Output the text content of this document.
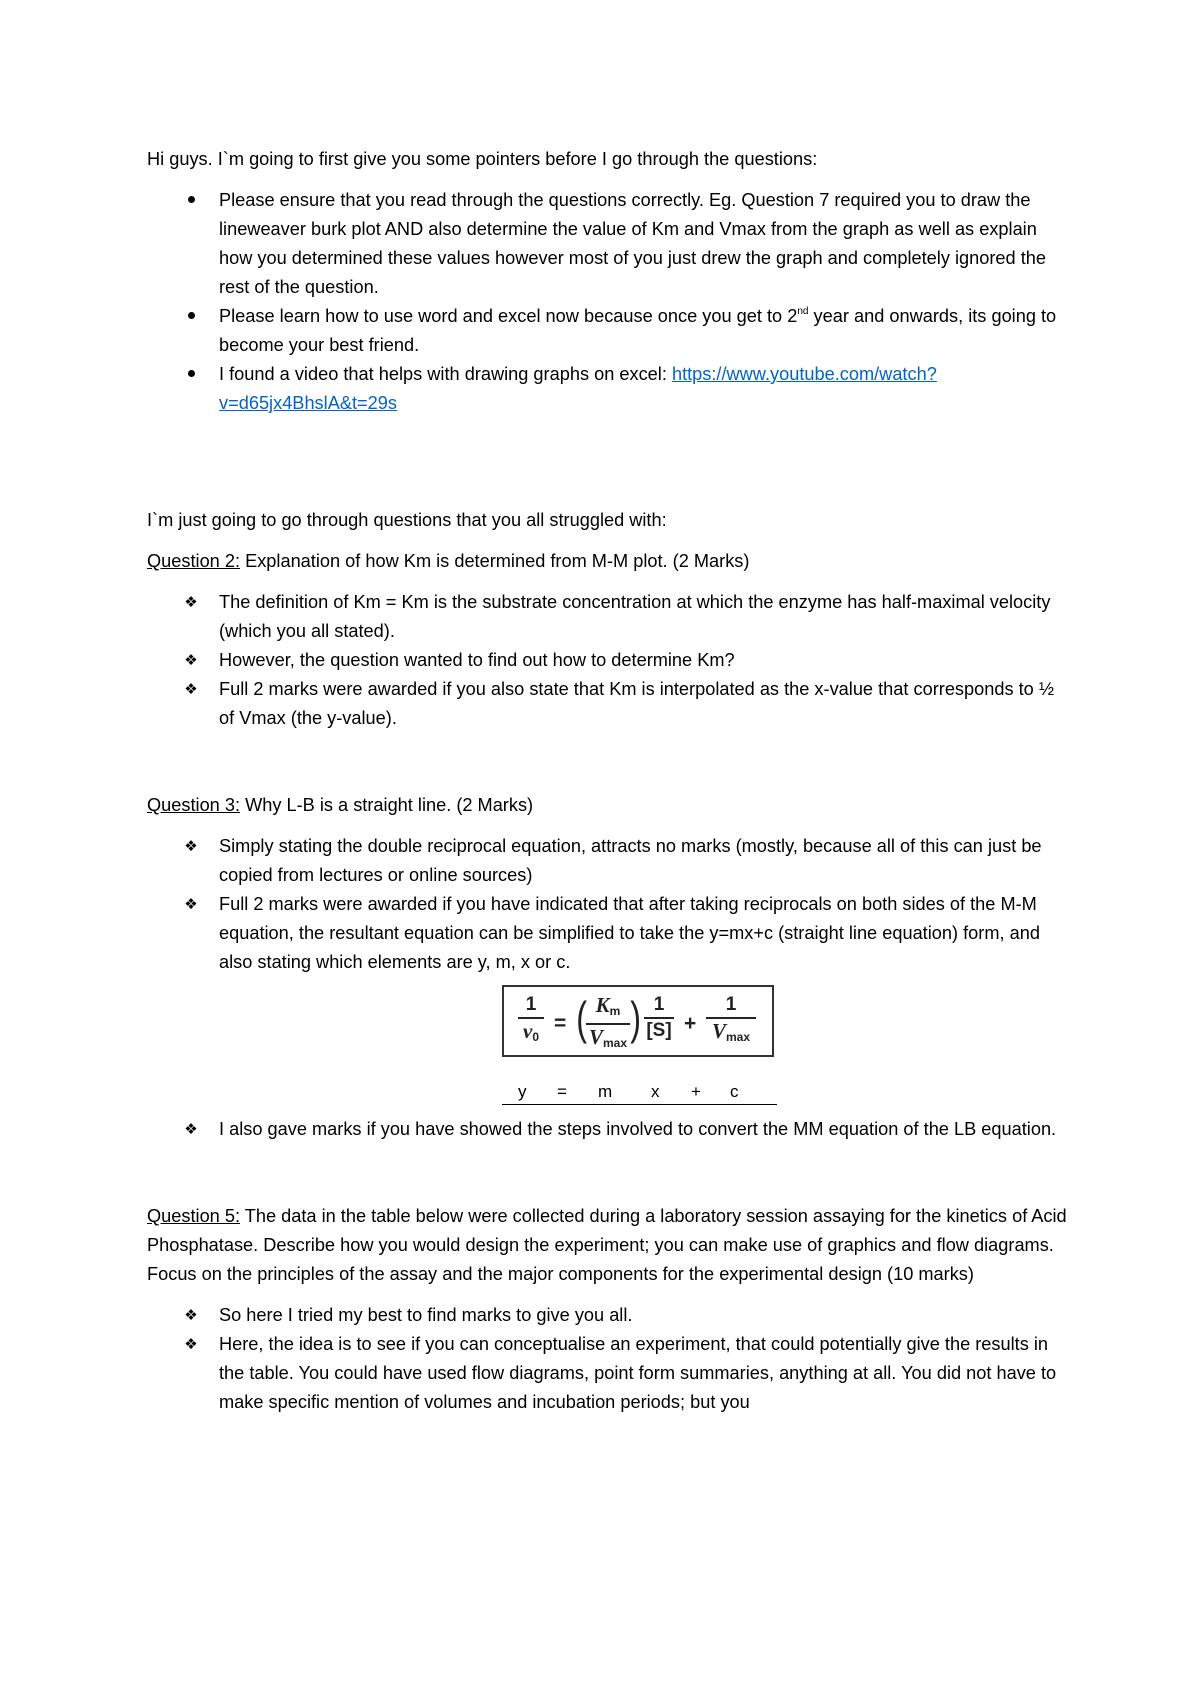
Hi guys. I`m going to first give you some pointers before I go through the questions:

Please ensure that you read through the questions correctly. Eg. Question 7 required you to draw the lineweaver burk plot AND also determine the value of Km and Vmax from the graph as well as explain how you determined these values however most of you just drew the graph and completely ignored the rest of the question.
Please learn how to use word and excel now because once you get to 2nd year and onwards, its going to become your best friend.
I found a video that helps with drawing graphs on excel: https://www.youtube.com/watch?v=d65jx4BhslA&t=29s

I`m just going to go through questions that you all struggled with:

Question 2: Explanation of how Km is determined from M-M plot. (2 Marks)

❖ The definition of Km = Km is the substrate concentration at which the enzyme has half-maximal velocity (which you all stated).
❖ However, the question wanted to find out how to determine Km?
❖ Full 2 marks were awarded if you also state that Km is interpolated as the x-value that corresponds to ½ of Vmax (the y-value).

Question 3: Why L-B is a straight line. (2 Marks)

❖ Simply stating the double reciprocal equation, attracts no marks (mostly, because all of this can just be copied from lectures or online sources)
❖ Full 2 marks were awarded if you have indicated that after taking reciprocals on both sides of the M-M equation, the resultant equation can be simplified to take the y=mx+c (straight line equation) form, and also stating which elements are y, m, x or c.
$\frac{1}{v_0}$ = ( $K_m$
$V_{max}$ ) $\frac{1}{[S]}$ +
1
$V_{max}$
y = m x + c
❖ I also gave marks if you have showed the steps involved to convert the MM equation of the LB equation.

Question 5: The data in the table below were collected during a laboratory session assaying for the kinetics of Acid Phosphatase. Describe how you would design the experiment; you can make use of graphics and flow diagrams. Focus on the principles of the assay and the major components for the experimental design (10 marks)

❖ So here I tried my best to find marks to give you all.
❖ Here, the idea is to see if you can conceptualise an experiment, that could potentially give the results in the table. You could have used flow diagrams, point form summaries, anything at all. You did not have to make specific mention of volumes and incubation periods; but you
